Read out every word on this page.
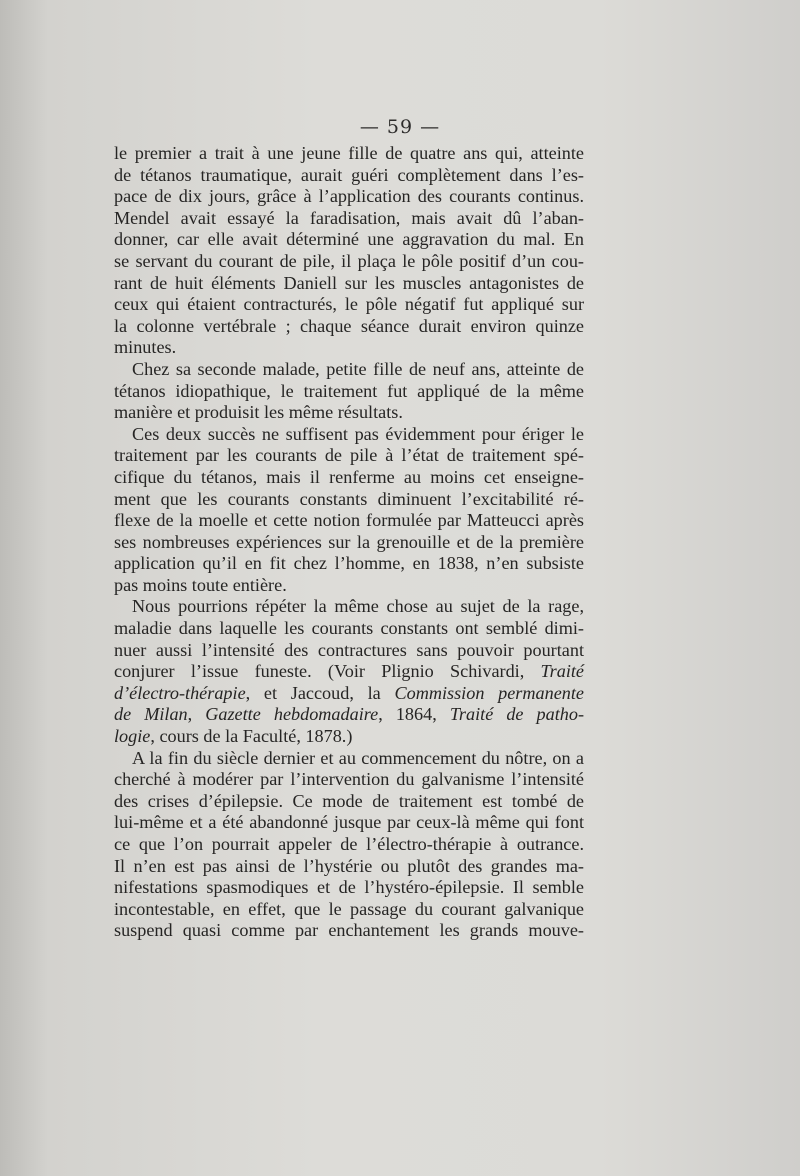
— 59 —
le premier a trait à une jeune fille de quatre ans qui, atteinte
de tétanos traumatique, aurait guéri complètement dans l’es-
pace de dix jours, grâce à l’application des courants continus.
Mendel avait essayé la faradisation, mais avait dû l’aban-
donner, car elle avait déterminé une aggravation du mal. En
se servant du courant de pile, il plaça le pôle positif d’un cou-
rant de huit éléments Daniell sur les muscles antagonistes de
ceux qui étaient contracturés, le pôle négatif fut appliqué sur
la colonne vertébrale ; chaque séance durait environ quinze
minutes.
Chez sa seconde malade, petite fille de neuf ans, atteinte de
tétanos idiopathique, le traitement fut appliqué de la même
manière et produisit les même résultats.
Ces deux succès ne suffisent pas évidemment pour ériger le
traitement par les courants de pile à l’état de traitement spé-
cifique du tétanos, mais il renferme au moins cet enseigne-
ment que les courants constants diminuent l’excitabilité ré-
flexe de la moelle et cette notion formulée par Matteucci après
ses nombreuses expériences sur la grenouille et de la première
application qu’il en fit chez l’homme, en 1838, n’en subsiste
pas moins toute entière.
Nous pourrions répéter la même chose au sujet de la rage,
maladie dans laquelle les courants constants ont semblé dimi-
nuer aussi l’intensité des contractures sans pouvoir pourtant
conjurer l’issue funeste. (Voir Plignio Schivardi, Traité
d’électro-thérapie, et Jaccoud, la Commission permanente
de Milan, Gazette hebdomadaire, 1864, Traité de patho-
logie, cours de la Faculté, 1878.)
A la fin du siècle dernier et au commencement du nôtre, on a
cherché à modérer par l’intervention du galvanisme l’intensité
des crises d’épilepsie. Ce mode de traitement est tombé de
lui-même et a été abandonné jusque par ceux-là même qui font
ce que l’on pourrait appeler de l’électro-thérapie à outrance.
Il n’en est pas ainsi de l’hystérie ou plutôt des grandes ma-
nifestations spasmodiques et de l’hystéro-épilepsie. Il semble
incontestable, en effet, que le passage du courant galvanique
suspend quasi comme par enchantement les grands mouve-
